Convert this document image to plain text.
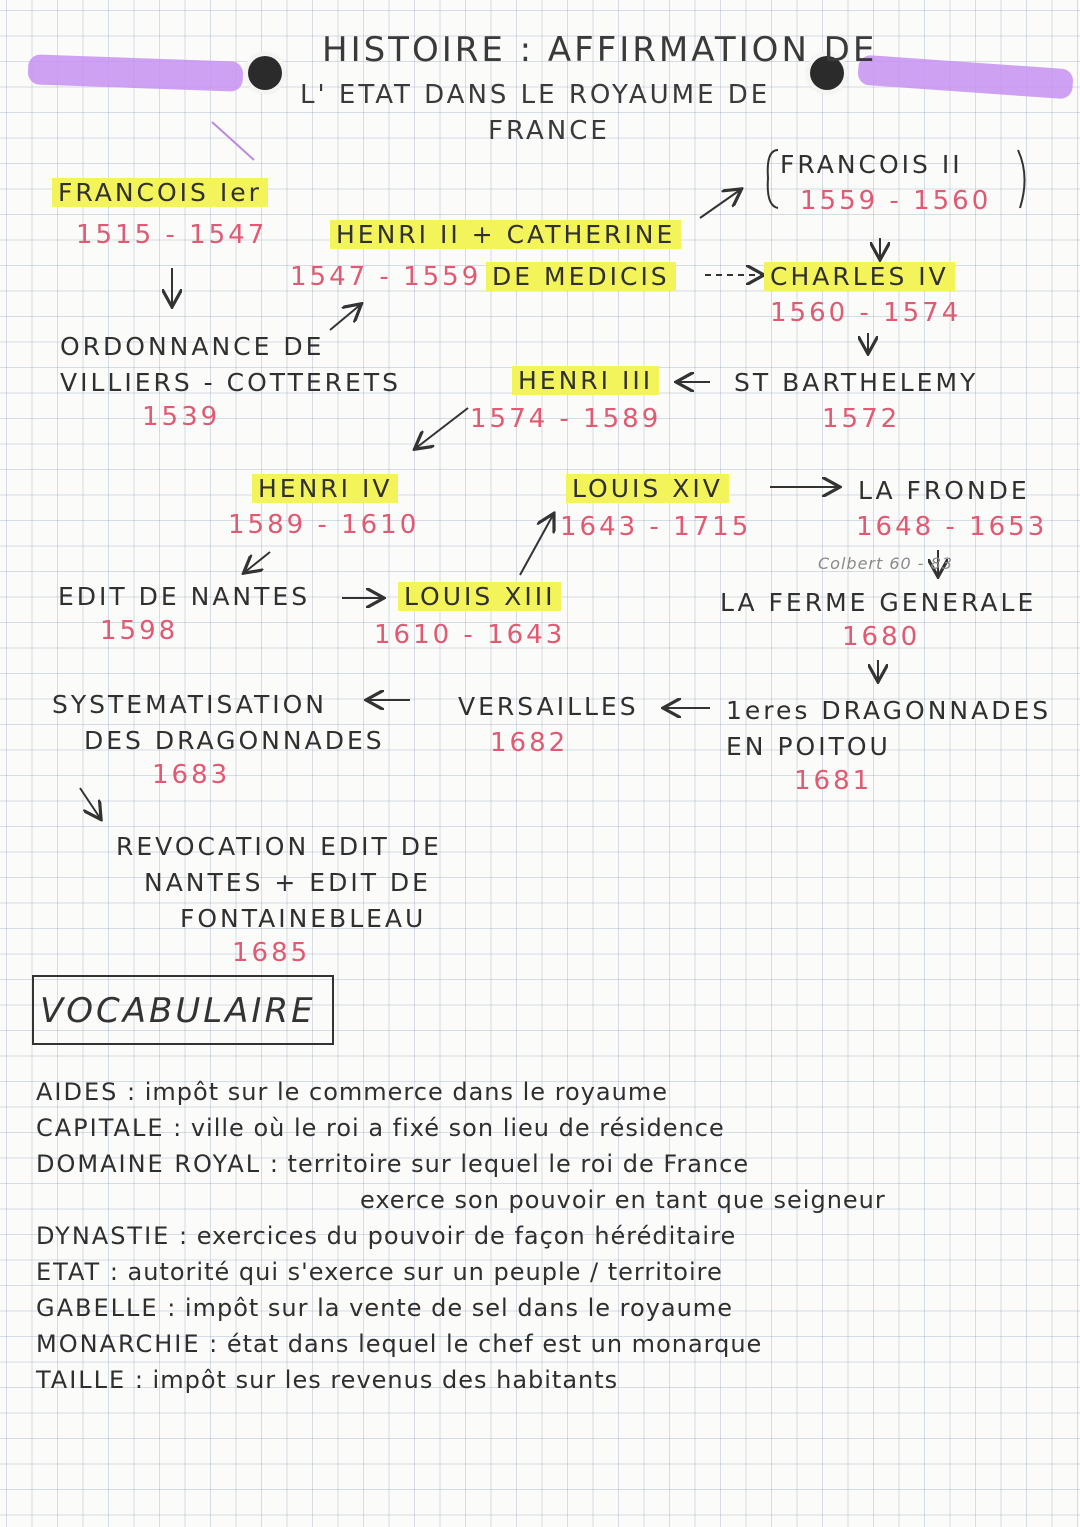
HISTOIRE : AFFIRMATION DE
L' ETAT DANS LE ROYAUME DE
FRANCE
FRANCOIS Ier
1515 - 1547	HENRI II + CATHERINE
1547 - 1559 DE MEDICIS
FRANCOIS II
1559 - 1560
CHARLES IV
1560 - 1574
ORDONNANCE DE
VILLIERS - COTTERETS
1539
HENRI III
1574 - 1589
ST BARTHELEMY
1572
HENRI IV
1589 - 1610
LOUIS XIV
1643 - 1715
LA FRONDE
1648 - 1653
Colbert 60 - 83
EDIT DE NANTES
1598
LOUIS XIII
1610 - 1643
LA FERME GENERALE
1680
SYSTEMATISATION
DES DRAGONNADES
1683
VERSAILLES
1682
1eres DRAGONNADES
EN POITOU
1681
REVOCATION EDIT DE
NANTES + EDIT DE
FONTAINEBLEAU
1685
VOCABULAIRE
AIDES : impôt sur le commerce dans le royaume
CAPITALE : ville où le roi a fixé son lieu de résidence
DOMAINE ROYAL : territoire sur lequel le roi de France
exerce son pouvoir en tant que seigneur
DYNASTIE : exercices du pouvoir de façon héréditaire
ETAT : autorité qui s'exerce sur un peuple / territoire
GABELLE : impôt sur la vente de sel dans le royaume
MONARCHIE : état dans lequel le chef est un monarque
TAILLE : impôt sur les revenus des habitants
